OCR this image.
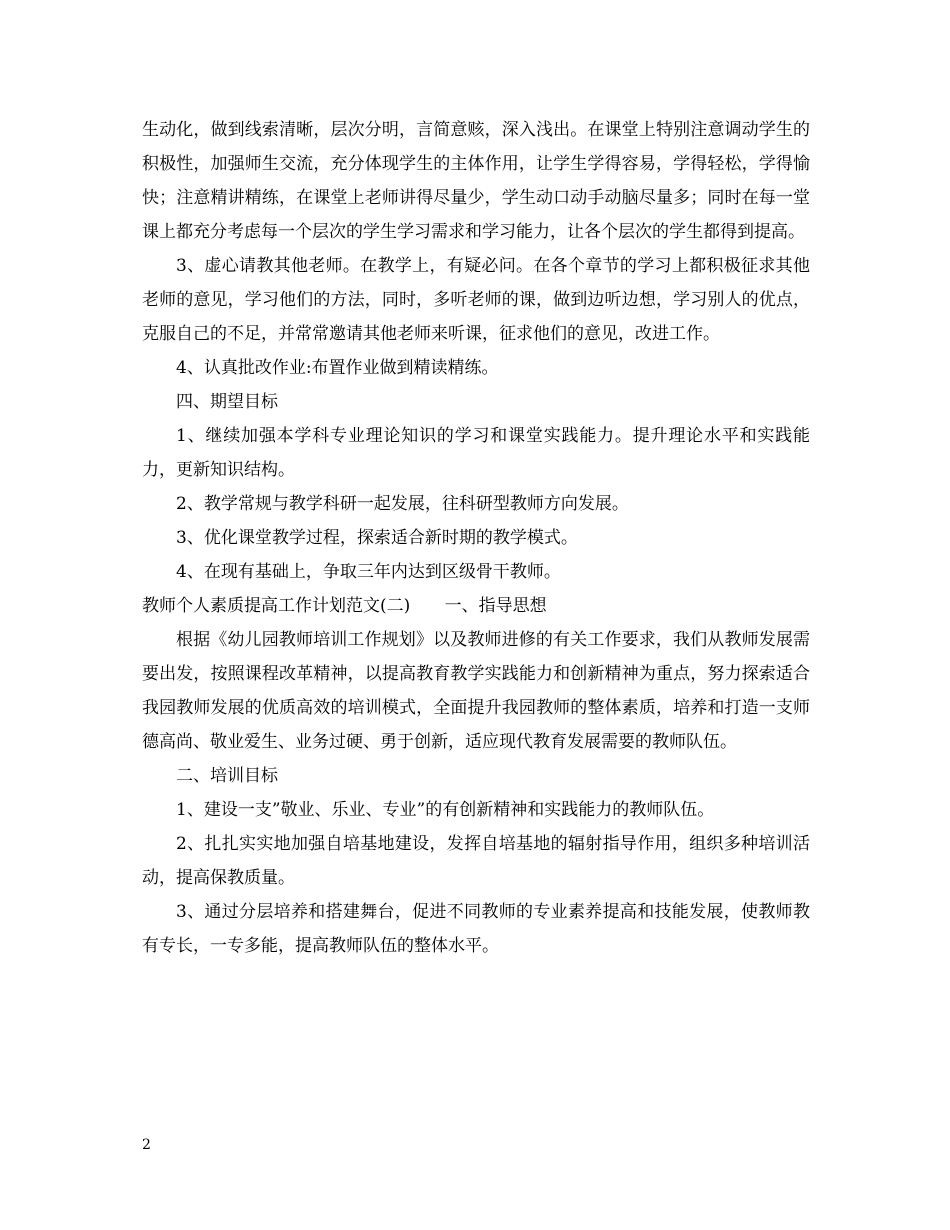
生动化，做到线索清晰，层次分明，言简意赅，深入浅出。在课堂上特别注意调动学生的积极性，加强师生交流，充分体现学生的主体作用，让学生学得容易，学得轻松，学得愉快；注意精讲精练，在课堂上老师讲得尽量少，学生动口动手动脑尽量多；同时在每一堂课上都充分考虑每一个层次的学生学习需求和学习能力，让各个层次的学生都得到提高。

3、虚心请教其他老师。在教学上，有疑必问。在各个章节的学习上都积极征求其他老师的意见，学习他们的方法，同时，多听老师的课，做到边听边想，学习别人的优点，克服自己的不足，并常常邀请其他老师来听课，征求他们的意见，改进工作。

4、认真批改作业:布置作业做到精读精练。

四、期望目标

1、继续加强本学科专业理论知识的学习和课堂实践能力。提升理论水平和实践能力，更新知识结构。

2、教学常规与教学科研一起发展，往科研型教师方向发展。

3、优化课堂教学过程，探索适合新时期的教学模式。

4、在现有基础上，争取三年内达到区级骨干教师。

教师个人素质提高工作计划范文(二)	一、指导思想

根据《幼儿园教师培训工作规划》以及教师进修的有关工作要求，我们从教师发展需要出发，按照课程改革精神，以提高教育教学实践能力和创新精神为重点，努力探索适合我园教师发展的优质高效的培训模式，全面提升我园教师的整体素质，培养和打造一支师德高尚、敬业爱生、业务过硬、勇于创新，适应现代教育发展需要的教师队伍。

二、培训目标

1、建设一支”敬业、乐业、专业”的有创新精神和实践能力的教师队伍。

2、扎扎实实地加强自培基地建设，发挥自培基地的辐射指导作用，组织多种培训活动，提高保教质量。

3、通过分层培养和搭建舞台，促进不同教师的专业素养提高和技能发展，使教师教有专长，一专多能，提高教师队伍的整体水平。

2
